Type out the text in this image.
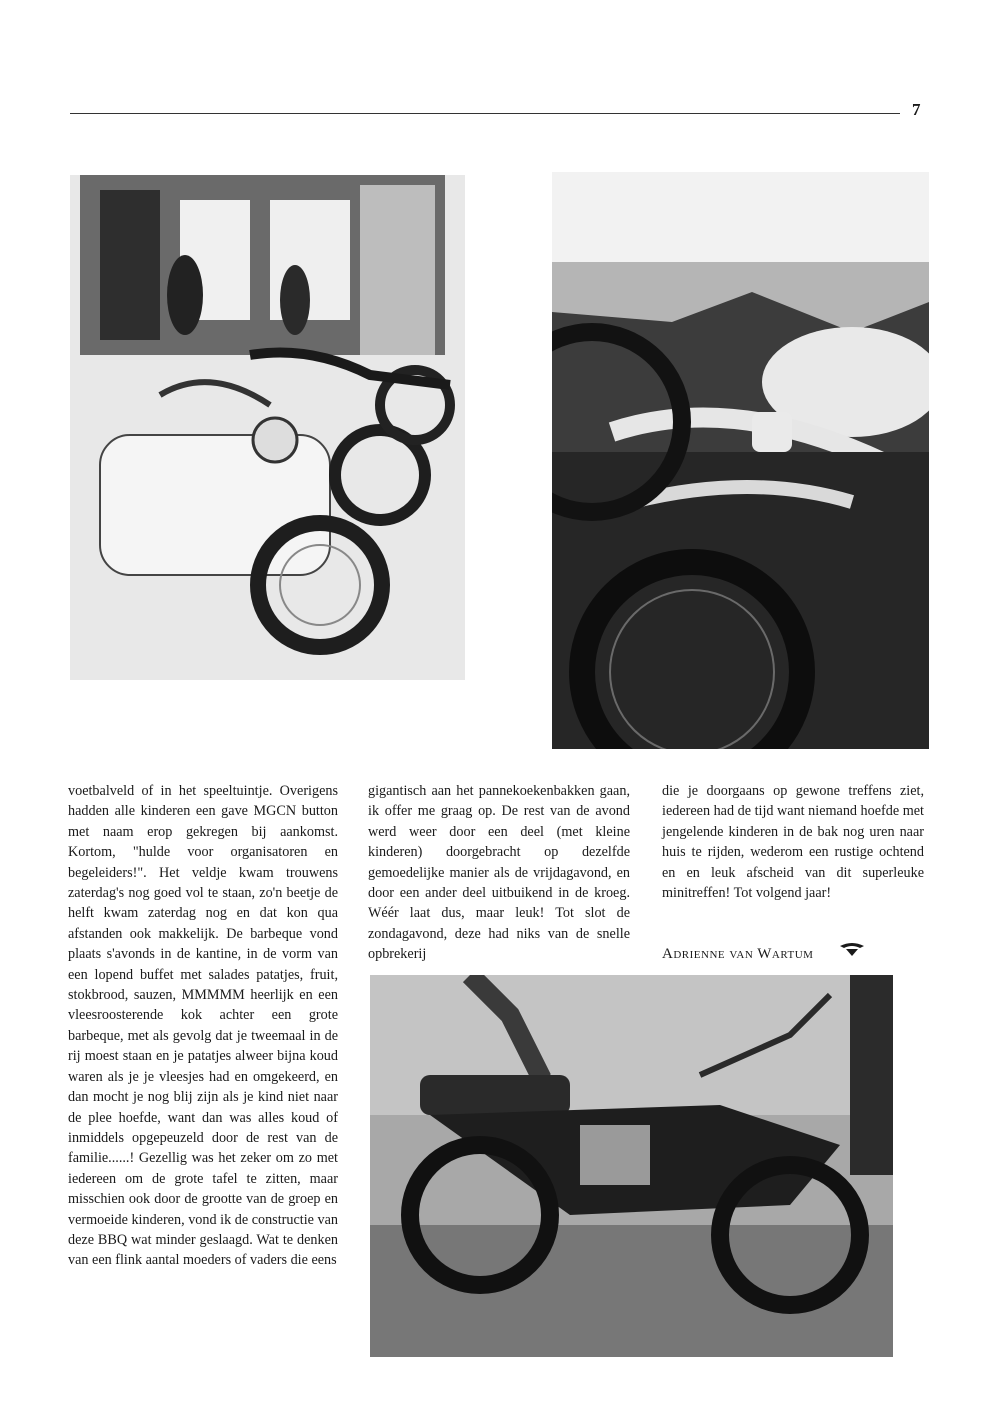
7

voetbalveld of in het speeltuintje. Overigens hadden alle kinderen een gave MGCN button met naam erop gekregen bij aankomst. Kortom, "hulde voor organisatoren en begeleiders!". Het veldje kwam trouwens zaterdag's nog goed vol te staan, zo'n beetje de helft kwam zaterdag nog en dat kon qua afstanden ook makkelijk. De barbeque vond plaats s'avonds in de kantine, in de vorm van een lopend buffet met salades patatjes, fruit, stokbrood, sauzen, MMMMM heerlijk en een vleesroosterende kok achter een grote barbeque, met als gevolg dat je tweemaal in de rij moest staan en je patatjes alweer bijna koud waren als je je vleesjes had en omgekeerd, en dan mocht je nog blij zijn als je kind niet naar de plee hoefde, want dan was alles koud of inmiddels opgepeuzeld door de rest van de familie......! Gezellig was het zeker om zo met iedereen om de grote tafel te zitten, maar misschien ook door de grootte van de groep en vermoeide kinderen, vond ik de constructie van deze BBQ wat minder geslaagd. Wat te denken van een flink aantal moeders of vaders die eens

gigantisch aan het pannekoekenbakken gaan, ik offer me graag op. De rest van de avond werd weer door een deel (met kleine kinderen) doorgebracht op dezelfde gemoedelijke manier als de vrijdagavond, en door een ander deel uitbuikend in de kroeg. Wéér laat dus, maar leuk! Tot slot de zondagavond, deze had niks van de snelle opbrekerij

die je doorgaans op gewone treffens ziet, iedereen had de tijd want niemand hoefde met jengelende kinderen in de bak nog uren naar huis te rijden, wederom een rustige ochtend en en leuk afscheid van dit superleuke minitreffen! Tot volgend jaar!

Adrienne van Wartum
